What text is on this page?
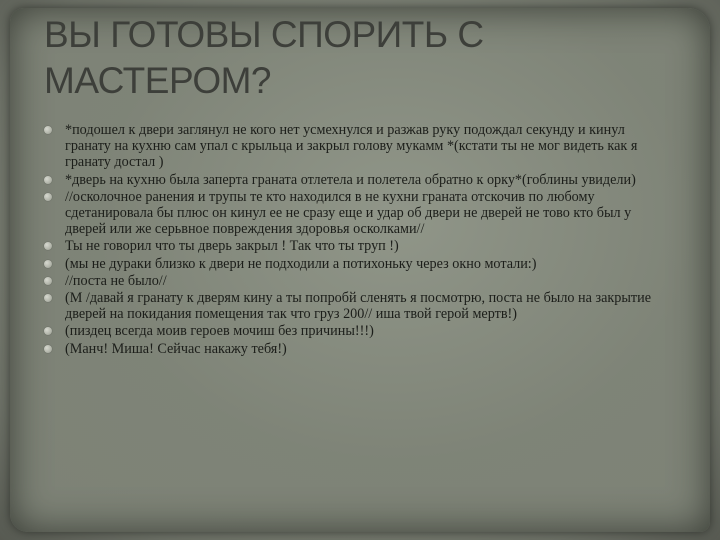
ВЫ ГОТОВЫ СПОРИТЬ С МАСТЕРОМ?
*подошел к двери заглянул не кого нет усмехнулся и разжав руку подождал секунду и кинул гранату на кухню сам упал с крыльца и закрыл голову мукамм *(кстати ты не мог видеть как я гранату достал )
*дверь на кухню была заперта граната отлетела и полетела обратно к орку*(гоблины увидели)
//осколочное ранения и трупы те кто находился в не кухни граната отскочив по любому сдетанировала бы плюс он кинул ее не сразу еще и удар об двери не дверей не тово кто был у дверей или же серьвное повреждения здоровья осколками//
Ты не говорил что ты дверь закрыл ! Так что ты труп !)
(мы не дураки близко к двери не подходили а потихоньку через окно мотали:)
//поста не было//
(М /давай я гранату к дверям кину а ты попробй сленять я посмотрю, поста не было на закрытие дверей на покидания помещения так что груз 200// иша твой герой мертв!)
(пиздец всегда моив героев мочиш без причины!!!)
(Манч! Миша! Сейчас накажу тебя!)
